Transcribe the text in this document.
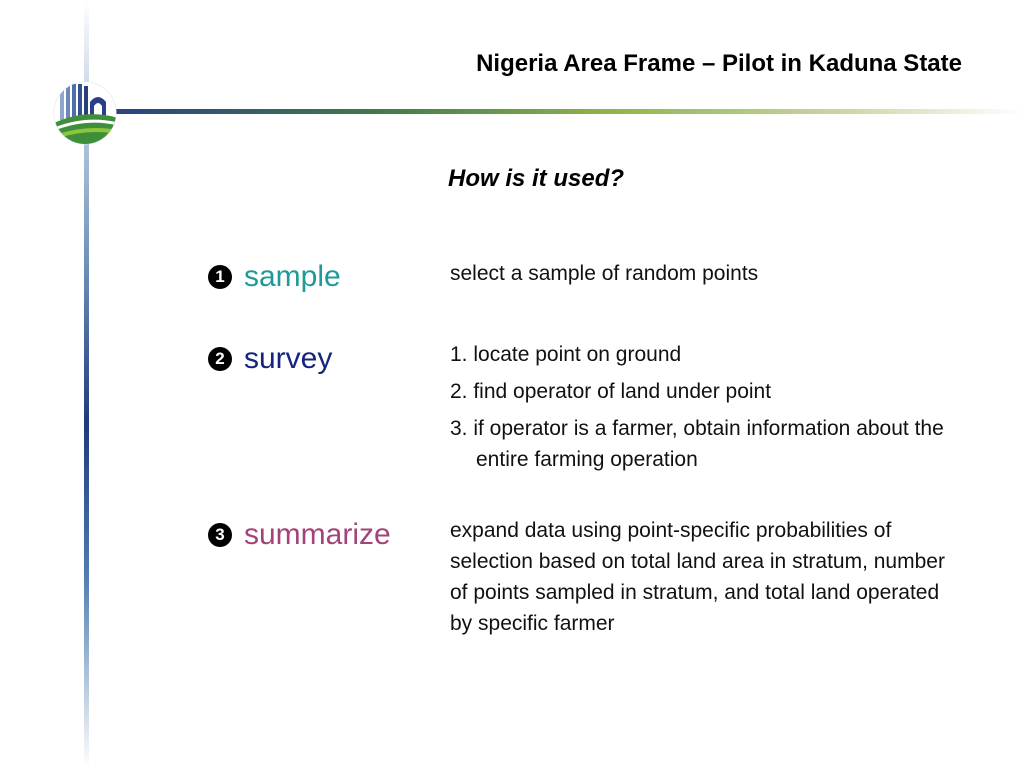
Nigeria Area Frame – Pilot in Kaduna State
How is it used?
1 sample	select a sample of random points
2 survey	1. locate point on ground
2. find operator of land under point
3. if operator is a farmer, obtain information about the entire farming operation
3 summarize	expand data using point-specific probabilities of selection based on total land area in stratum, number of points sampled in stratum, and total land operated by specific farmer
